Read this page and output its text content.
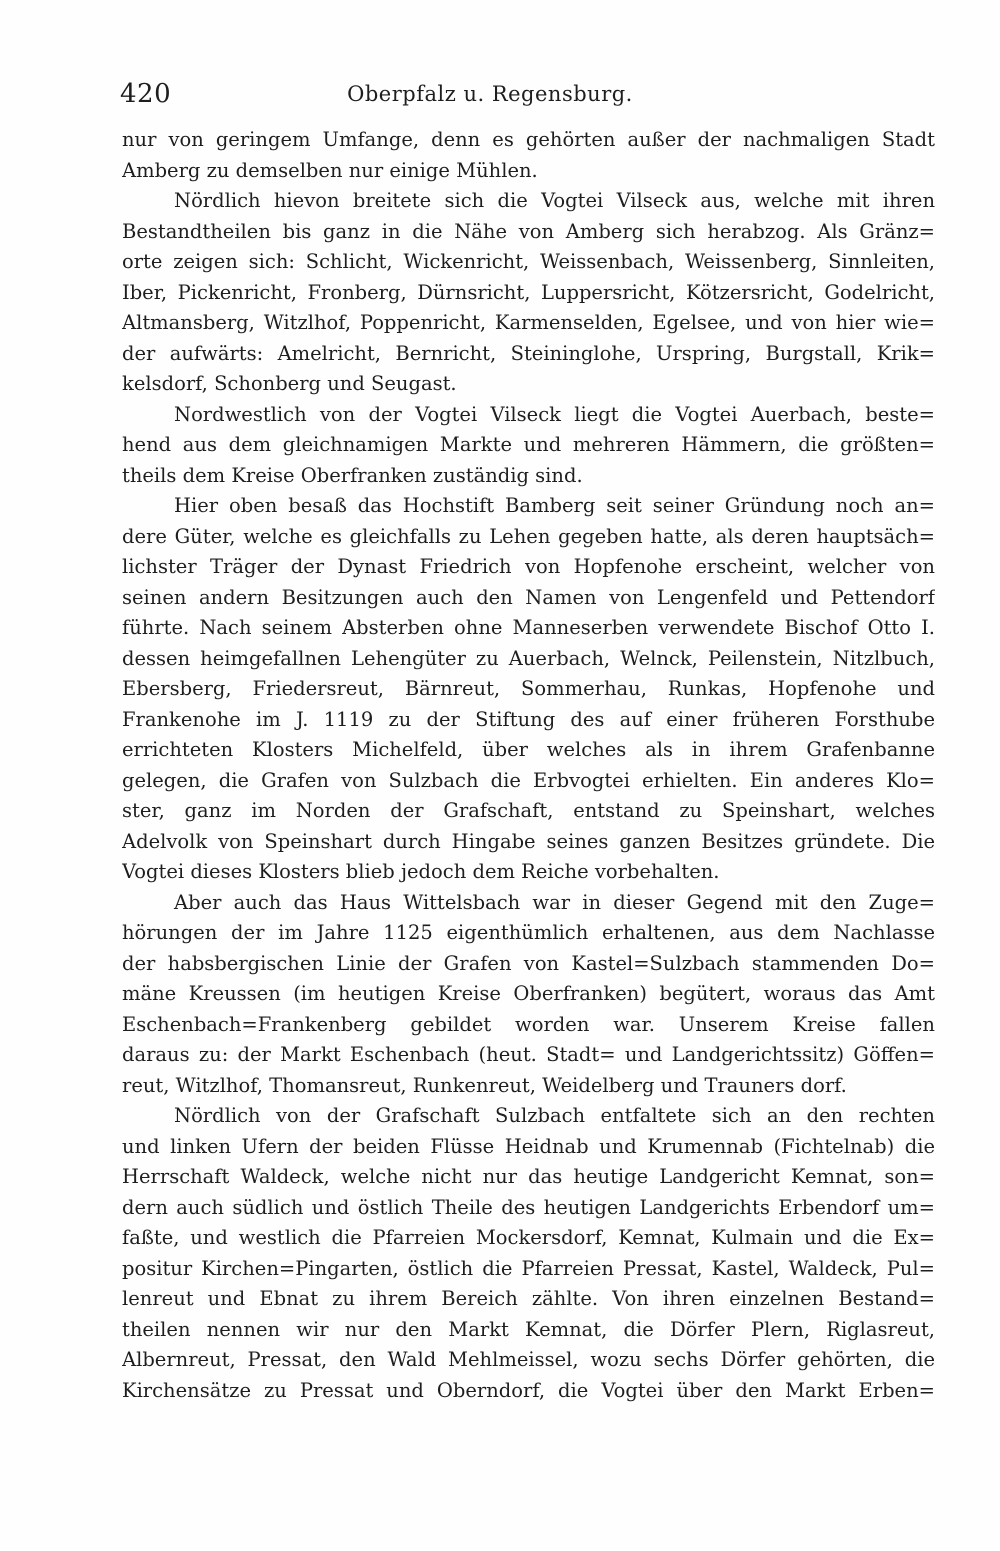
420	Oberpfalz u. Regensburg.
nur von geringem Umfange, denn es gehörten außer der nachmaligen Stadt
Amberg zu demselben nur einige Mühlen.
Nördlich hievon breitete sich die Vogtei Vilseck aus, welche mit ihren
Bestandtheilen bis ganz in die Nähe von Amberg sich herabzog. Als Gränz=
orte zeigen sich: Schlicht, Wickenricht, Weissenbach, Weissenberg, Sinnleiten,
Iber, Pickenricht, Fronberg, Dürnsricht, Luppersricht, Kötzersricht, Godelricht,
Altmansberg, Witzlhof, Poppenricht, Karmenselden, Egelsee, und von hier wie=
der aufwärts: Amelricht, Bernricht, Steininglohe, Urspring, Burgstall, Krik=
kelsdorf, Schonberg und Seugast.
Nordwestlich von der Vogtei Vilseck liegt die Vogtei Auerbach, beste=
hend aus dem gleichnamigen Markte und mehreren Hämmern, die größten=
theils dem Kreise Oberfranken zuständig sind.
Hier oben besaß das Hochstift Bamberg seit seiner Gründung noch an=
dere Güter, welche es gleichfalls zu Lehen gegeben hatte, als deren hauptsäch=
lichster Träger der Dynast Friedrich von Hopfenohe erscheint, welcher von
seinen andern Besitzungen auch den Namen von Lengenfeld und Pettendorf
führte. Nach seinem Absterben ohne Manneserben verwendete Bischof Otto I.
dessen heimgefallnen Lehengüter zu Auerbach, Welnck, Peilenstein, Nitzlbuch,
Ebersberg, Friedersreut, Bärnreut, Sommerhau, Runkas, Hopfenohe und
Frankenohe im J. 1119 zu der Stiftung des auf einer früheren Forsthube
errichteten Klosters Michelfeld, über welches als in ihrem Grafenbanne
gelegen, die Grafen von Sulzbach die Erbvogtei erhielten. Ein anderes Klo=
ster, ganz im Norden der Grafschaft, entstand zu Speinshart, welches
Adelvolk von Speinshart durch Hingabe seines ganzen Besitzes gründete. Die
Vogtei dieses Klosters blieb jedoch dem Reiche vorbehalten.
Aber auch das Haus Wittelsbach war in dieser Gegend mit den Zuge=
hörungen der im Jahre 1125 eigenthümlich erhaltenen, aus dem Nachlasse
der habsbergischen Linie der Grafen von Kastel=Sulzbach stammenden Do=
mäne Kreussen (im heutigen Kreise Oberfranken) begütert, woraus das Amt
Eschenbach=Frankenberg gebildet worden war. Unserem Kreise fallen
daraus zu: der Markt Eschenbach (heut. Stadt= und Landgerichtssitz) Göffen=
reut, Witzlhof, Thomansreut, Runkenreut, Weidelberg und Trauners dorf.
Nördlich von der Grafschaft Sulzbach entfaltete sich an den rechten
und linken Ufern der beiden Flüsse Heidnab und Krumennab (Fichtelnab) die
Herrschaft Waldeck, welche nicht nur das heutige Landgericht Kemnat, son=
dern auch südlich und östlich Theile des heutigen Landgerichts Erbendorf um=
faßte, und westlich die Pfarreien Mockersdorf, Kemnat, Kulmain und die Ex=
positur Kirchen=Pingarten, östlich die Pfarreien Pressat, Kastel, Waldeck, Pul=
lenreut und Ebnat zu ihrem Bereich zählte. Von ihren einzelnen Bestand=
theilen nennen wir nur den Markt Kemnat, die Dörfer Plern, Riglasreut,
Albernreut, Pressat, den Wald Mehlmeissel, wozu sechs Dörfer gehörten, die
Kirchensätze zu Pressat und Oberndorf, die Vogtei über den Markt Erben=
